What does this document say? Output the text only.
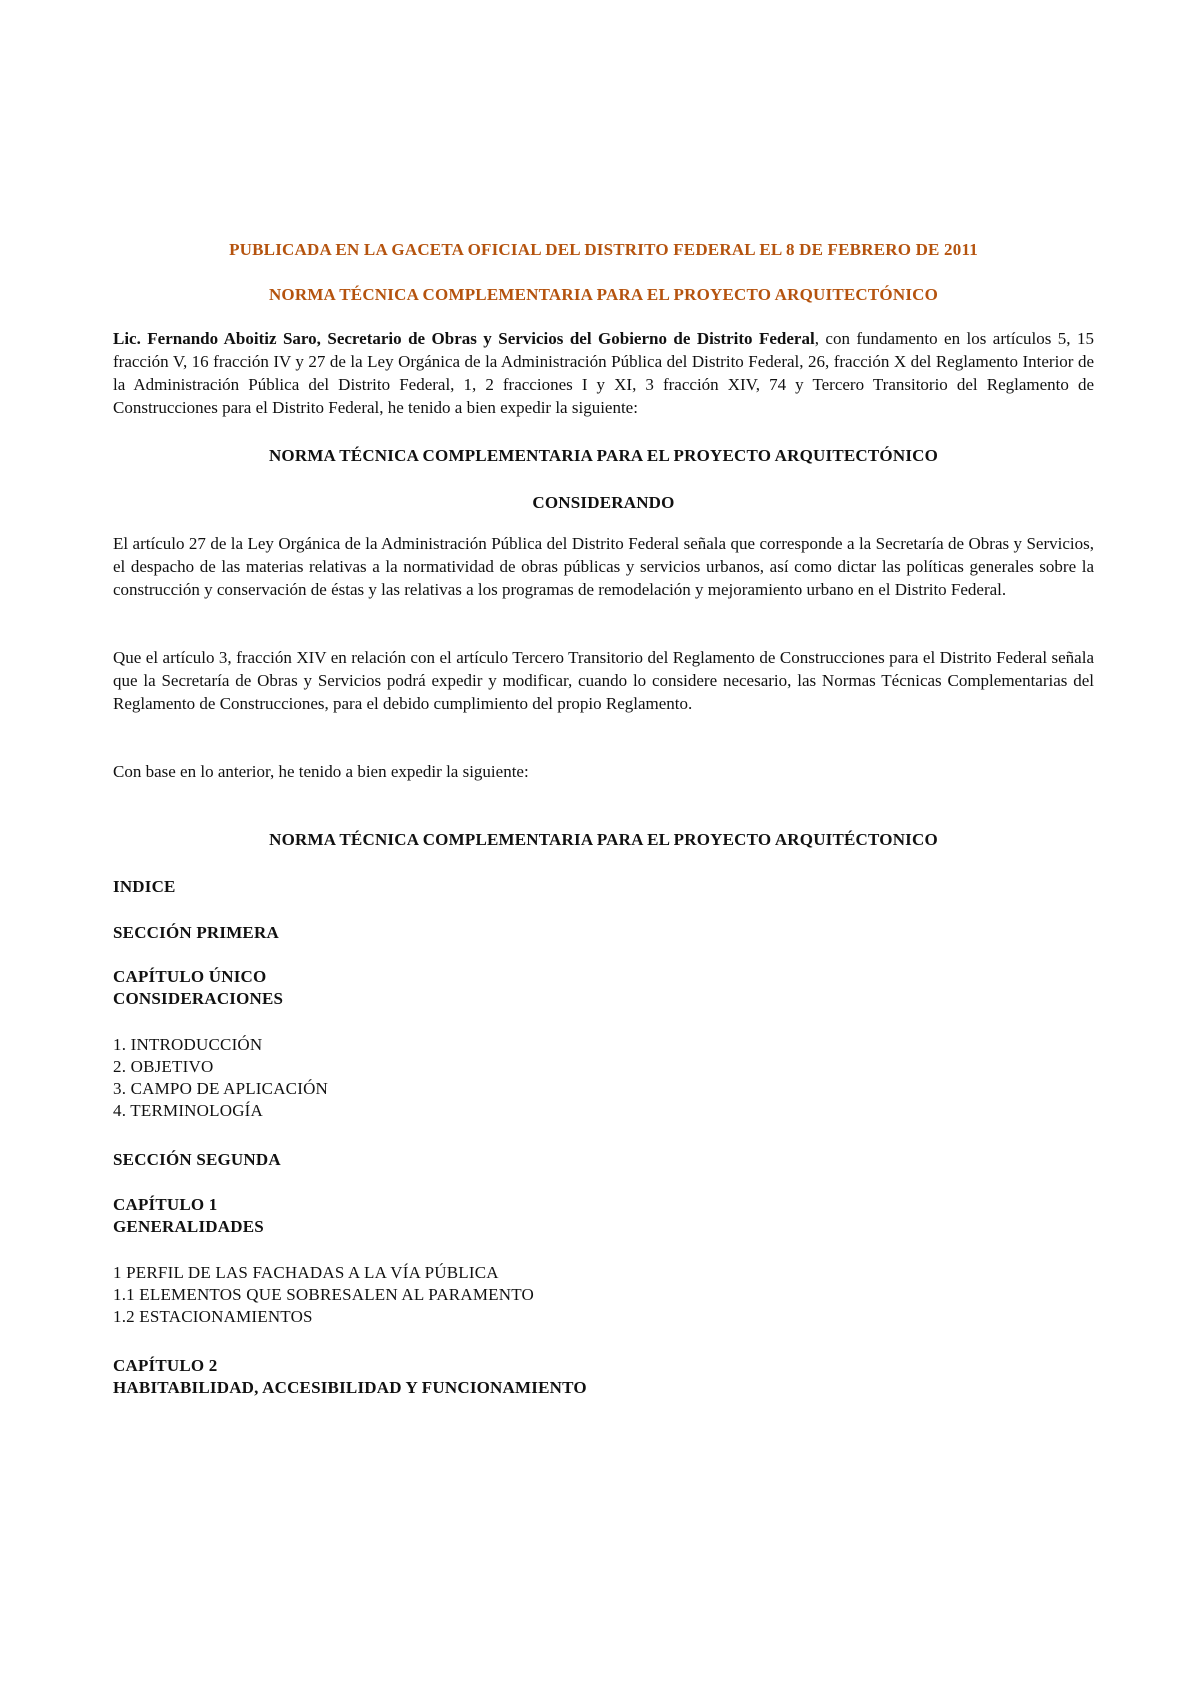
PUBLICADA EN LA GACETA OFICIAL DEL DISTRITO FEDERAL EL 8 DE FEBRERO DE 2011
NORMA TÉCNICA COMPLEMENTARIA PARA EL PROYECTO ARQUITECTÓNICO

Lic. Fernando Aboitiz Saro, Secretario de Obras y Servicios del Gobierno de Distrito Federal, con fundamento en los artículos 5, 15 fracción V, 16 fracción IV y 27 de la Ley Orgánica de la Administración Pública del Distrito Federal, 26, fracción X del Reglamento Interior de la Administración Pública del Distrito Federal, 1, 2 fracciones I y XI, 3 fracción XIV, 74 y Tercero Transitorio del Reglamento de Construcciones para el Distrito Federal, he tenido a bien expedir la siguiente:

NORMA TÉCNICA COMPLEMENTARIA PARA EL PROYECTO ARQUITECTÓNICO
CONSIDERANDO

El artículo 27 de la Ley Orgánica de la Administración Pública del Distrito Federal señala que corresponde a la Secretaría de Obras y Servicios, el despacho de las materias relativas a la normatividad de obras públicas y servicios urbanos, así como dictar las políticas generales sobre la construcción y conservación de éstas y las relativas a los programas de remodelación y mejoramiento urbano en el Distrito Federal.

Que el artículo 3, fracción XIV en relación con el artículo Tercero Transitorio del Reglamento de Construcciones para el Distrito Federal señala que la Secretaría de Obras y Servicios podrá expedir y modificar, cuando lo considere necesario, las Normas Técnicas Complementarias del Reglamento de Construcciones, para el debido cumplimiento del propio Reglamento.

Con base en lo anterior, he tenido a bien expedir la siguiente:

NORMA TÉCNICA COMPLEMENTARIA PARA EL PROYECTO ARQUITÉCTONICO
INDICE
SECCIÓN PRIMERA
CAPÍTULO ÚNICO
CONSIDERACIONES
1. INTRODUCCIÓN
2. OBJETIVO
3. CAMPO DE APLICACIÓN
4. TERMINOLOGÍA
SECCIÓN SEGUNDA
CAPÍTULO 1
GENERALIDADES
1 PERFIL DE LAS FACHADAS A LA VÍA PÚBLICA
1.1 ELEMENTOS QUE SOBRESALEN AL PARAMENTO
1.2 ESTACIONAMIENTOS
CAPÍTULO 2
HABITABILIDAD, ACCESIBILIDAD Y FUNCIONAMIENTO
